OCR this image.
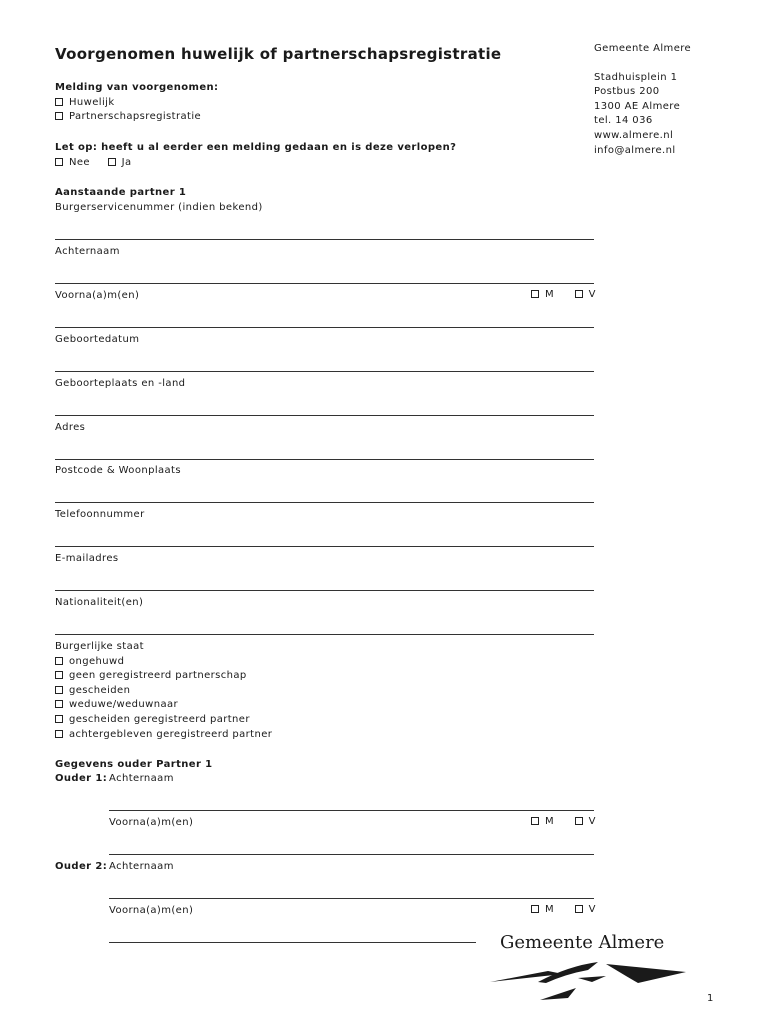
Voorgenomen huwelijk of partnerschapsregistratie	Gemeente Almere
Stadhuisplein 1
Postbus 200
1300 AE Almere
tel. 14 036
www.almere.nl
info@almere.nl
Melding van voorgenomen:
Huwelijk
Partnerschapsregistratie
Let op: heeft u al eerder een melding gedaan en is deze verlopen?
Nee	Ja
Aanstaande partner 1
Burgerservicenummer (indien bekend)
Achternaam
Voorna(a)m(en)	M	V
Geboortedatum
Geboorteplaats en -land
Adres
Postcode & Woonplaats
Telefoonnummer
E-mailadres
Nationaliteit(en)
Burgerlijke staat
ongehuwd
geen geregistreerd partnerschap
gescheiden
weduwe/weduwnaar
gescheiden geregistreerd partner
achtergebleven geregistreerd partner
Gegevens ouder Partner 1
Ouder 1: Achternaam
Voorna(a)m(en)	M	V
Ouder 2: Achternaam
Voorna(a)m(en)	M	V
Gemeente Almere
1
